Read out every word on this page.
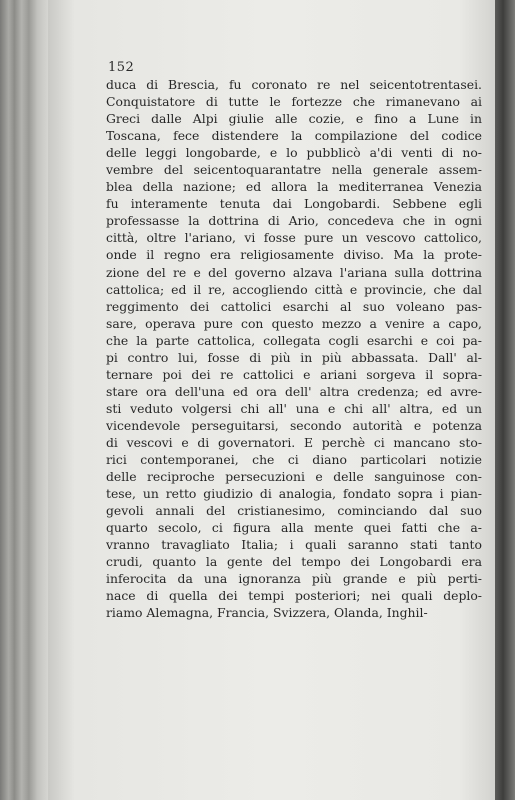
152
duca di Brescia, fu coronato re nel seicentotrentasei.
Conquistatore di tutte le fortezze che rimanevano ai
Greci dalle Alpi giulie alle cozie, e fino a Lune in
Toscana, fece distendere la compilazione del codice
delle leggi longobarde, e lo pubblicò a'di venti di no-
vembre del seicentoquarantatre nella generale assem-
blea della nazione; ed allora la mediterranea Venezia
fu interamente tenuta dai Longobardi. Sebbene egli
professasse la dottrina di Ario, concedeva che in ogni
città, oltre l'ariano, vi fosse pure un vescovo cattolico,
onde il regno era religiosamente diviso. Ma la prote-
zione del re e del governo alzava l'ariana sulla dottrina
cattolica; ed il re, accogliendo città e provincie, che dal
reggimento dei cattolici esarchi al suo voleano pas-
sare, operava pure con questo mezzo a venire a capo,
che la parte cattolica, collegata cogli esarchi e coi pa-
pi contro lui, fosse di più in più abbassata. Dall' al-
ternare poi dei re cattolici e ariani sorgeva il sopra-
stare ora dell'una ed ora dell' altra credenza; ed avre-
sti veduto volgersi chi all' una e chi all' altra, ed un
vicendevole perseguitarsi, secondo autorità e potenza
di vescovi e di governatori. E perchè ci mancano sto-
rici contemporanei, che ci diano particolari notizie
delle reciproche persecuzioni e delle sanguinose con-
tese, un retto giudizio di analogia, fondato sopra i pian-
gevoli annali del cristianesimo, cominciando dal suo
quarto secolo, ci figura alla mente quei fatti che a-
vranno travagliato Italia; i quali saranno stati tanto
crudi, quanto la gente del tempo dei Longobardi era
inferocita da una ignoranza più grande e più perti-
nace di quella dei tempi posteriori; nei quali deplo-
riamo Alemagna, Francia, Svizzera, Olanda, Inghil-
